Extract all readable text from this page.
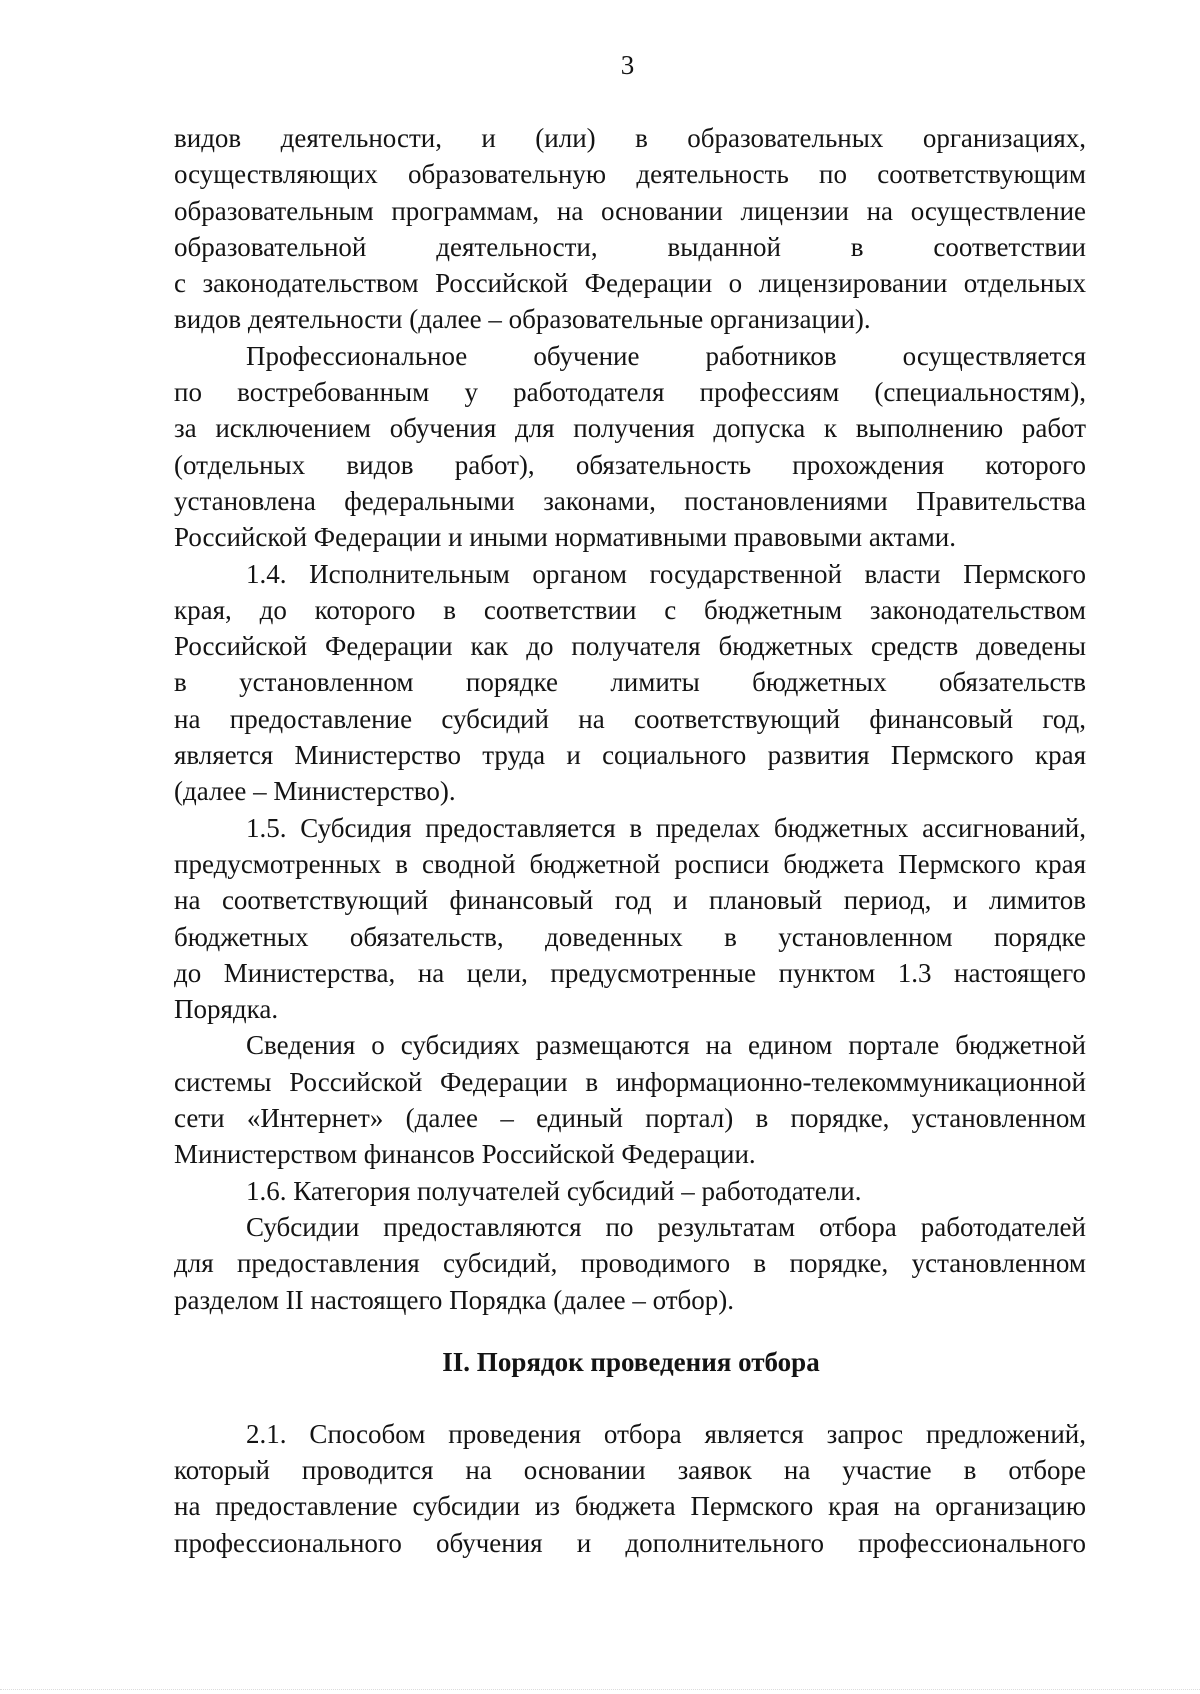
3
видов деятельности, и (или) в образовательных организациях,
осуществляющих образовательную деятельность по соответствующим
образовательным программам, на основании лицензии на осуществление
образовательной деятельности, выданной в соответствии
с законодательством Российской Федерации о лицензировании отдельных
видов деятельности (далее – образовательные организации).
Профессиональное обучение работников осуществляется
по востребованным у работодателя профессиям (специальностям),
за исключением обучения для получения допуска к выполнению работ
(отдельных видов работ), обязательность прохождения которого
установлена федеральными законами, постановлениями Правительства
Российской Федерации и иными нормативными правовыми актами.
1.4. Исполнительным органом государственной власти Пермского
края, до которого в соответствии с бюджетным законодательством
Российской Федерации как до получателя бюджетных средств доведены
в установленном порядке лимиты бюджетных обязательств
на предоставление субсидий на соответствующий финансовый год,
является Министерство труда и социального развития Пермского края
(далее – Министерство).
1.5. Субсидия предоставляется в пределах бюджетных ассигнований,
предусмотренных в сводной бюджетной росписи бюджета Пермского края
на соответствующий финансовый год и плановый период, и лимитов
бюджетных обязательств, доведенных в установленном порядке
до Министерства, на цели, предусмотренные пунктом 1.3 настоящего
Порядка.
Сведения о субсидиях размещаются на едином портале бюджетной
системы Российской Федерации в информационно-телекоммуникационной
сети «Интернет» (далее – единый портал) в порядке, установленном
Министерством финансов Российской Федерации.
1.6. Категория получателей субсидий – работодатели.
Субсидии предоставляются по результатам отбора работодателей
для предоставления субсидий, проводимого в порядке, установленном
разделом II настоящего Порядка (далее – отбор).
II. Порядок проведения отбора
2.1. Способом проведения отбора является запрос предложений,
который проводится на основании заявок на участие в отборе
на предоставление субсидии из бюджета Пермского края на организацию
профессионального обучения и дополнительного профессионального
